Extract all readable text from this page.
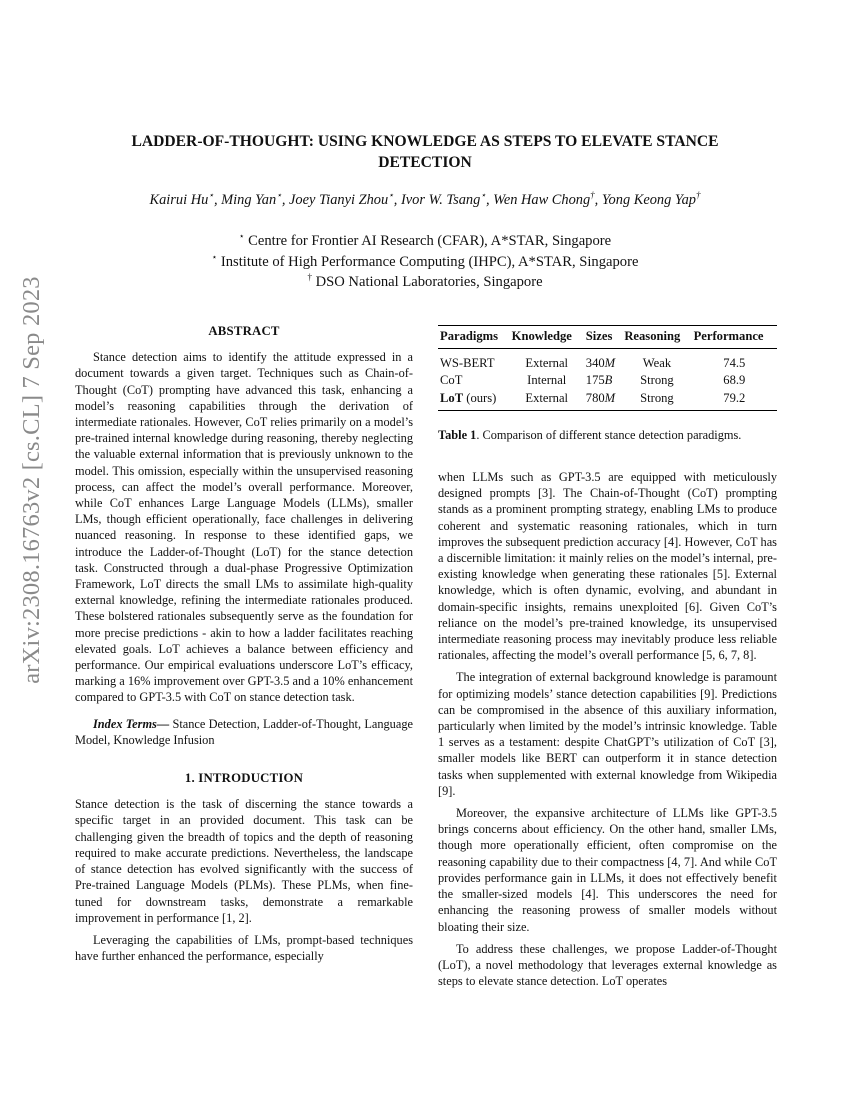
arXiv:2308.16763v2 [cs.CL] 7 Sep 2023
LADDER-OF-THOUGHT: USING KNOWLEDGE AS STEPS TO ELEVATE STANCE
DETECTION
Kairui Hu⋆, Ming Yan⋆, Joey Tianyi Zhou⋆, Ivor W. Tsang⋆, Wen Haw Chong†, Yong Keong Yap†
⋆ Centre for Frontier AI Research (CFAR), A*STAR, Singapore
⋆ Institute of High Performance Computing (IHPC), A*STAR, Singapore
† DSO National Laboratories, Singapore
ABSTRACT

Stance detection aims to identify the attitude expressed in a document towards a given target. Techniques such as Chain-of-Thought (CoT) prompting have advanced this task, enhancing a model’s reasoning capabilities through the derivation of intermediate rationales. However, CoT relies primarily on a model’s pre-trained internal knowledge during reasoning, thereby neglecting the valuable external information that is previously unknown to the model. This omission, especially within the unsupervised reasoning process, can affect the model’s overall performance. Moreover, while CoT enhances Large Language Models (LLMs), smaller LMs, though efficient operationally, face challenges in delivering nuanced reasoning. In response to these identified gaps, we introduce the Ladder-of-Thought (LoT) for the stance detection task. Constructed through a dual-phase Progressive Optimization Framework, LoT directs the small LMs to assimilate high-quality external knowledge, refining the intermediate rationales produced. These bolstered rationales subsequently serve as the foundation for more precise predictions - akin to how a ladder facilitates reaching elevated goals. LoT achieves a balance between efficiency and performance. Our empirical evaluations underscore LoT’s efficacy, marking a 16% improvement over GPT-3.5 and a 10% enhancement compared to GPT-3.5 with CoT on stance detection task.

Index Terms— Stance Detection, Ladder-of-Thought, Language Model, Knowledge Infusion

1. INTRODUCTION

Stance detection is the task of discerning the stance towards a specific target in an provided document. This task can be challenging given the breadth of topics and the depth of reasoning required to make accurate predictions. Nevertheless, the landscape of stance detection has evolved significantly with the success of Pre-trained Language Models (PLMs). These PLMs, when fine-tuned for downstream tasks, demonstrate a remarkable improvement in performance [1, 2].

Leveraging the capabilities of LMs, prompt-based techniques have further enhanced the performance, especially

Paradigms	Knowledge	Sizes	Reasoning	Performance
WS-BERT	External	340M	Weak	74.5
CoT	Internal	175B	Strong	68.9
LoT (ours)	External	780M	Strong	79.2
Table 1. Comparison of different stance detection paradigms.

when LLMs such as GPT-3.5 are equipped with meticulously designed prompts [3]. The Chain-of-Thought (CoT) prompting stands as a prominent prompting strategy, enabling LMs to produce coherent and systematic reasoning rationales, which in turn improves the subsequent prediction accuracy [4]. However, CoT has a discernible limitation: it mainly relies on the model’s internal, pre-existing knowledge when generating these rationales [5]. External knowledge, which is often dynamic, evolving, and abundant in domain-specific insights, remains unexploited [6]. Given CoT’s reliance on the model’s pre-trained knowledge, its unsupervised intermediate reasoning process may inevitably produce less reliable rationales, affecting the model’s overall performance [5, 6, 7, 8].

The integration of external background knowledge is paramount for optimizing models’ stance detection capabilities [9]. Predictions can be compromised in the absence of this auxiliary information, particularly when limited by the model’s intrinsic knowledge. Table 1 serves as a testament: despite ChatGPT’s utilization of CoT [3], smaller models like BERT can outperform it in stance detection tasks when supplemented with external knowledge from Wikipedia [9].

Moreover, the expansive architecture of LLMs like GPT-3.5 brings concerns about efficiency. On the other hand, smaller LMs, though more operationally efficient, often compromise on the reasoning capability due to their compactness [4, 7]. And while CoT provides performance gain in LLMs, it does not effectively benefit the smaller-sized models [4]. This underscores the need for enhancing the reasoning prowess of smaller models without bloating their size.

To address these challenges, we propose Ladder-of-Thought (LoT), a novel methodology that leverages external knowledge as steps to elevate stance detection. LoT operates
